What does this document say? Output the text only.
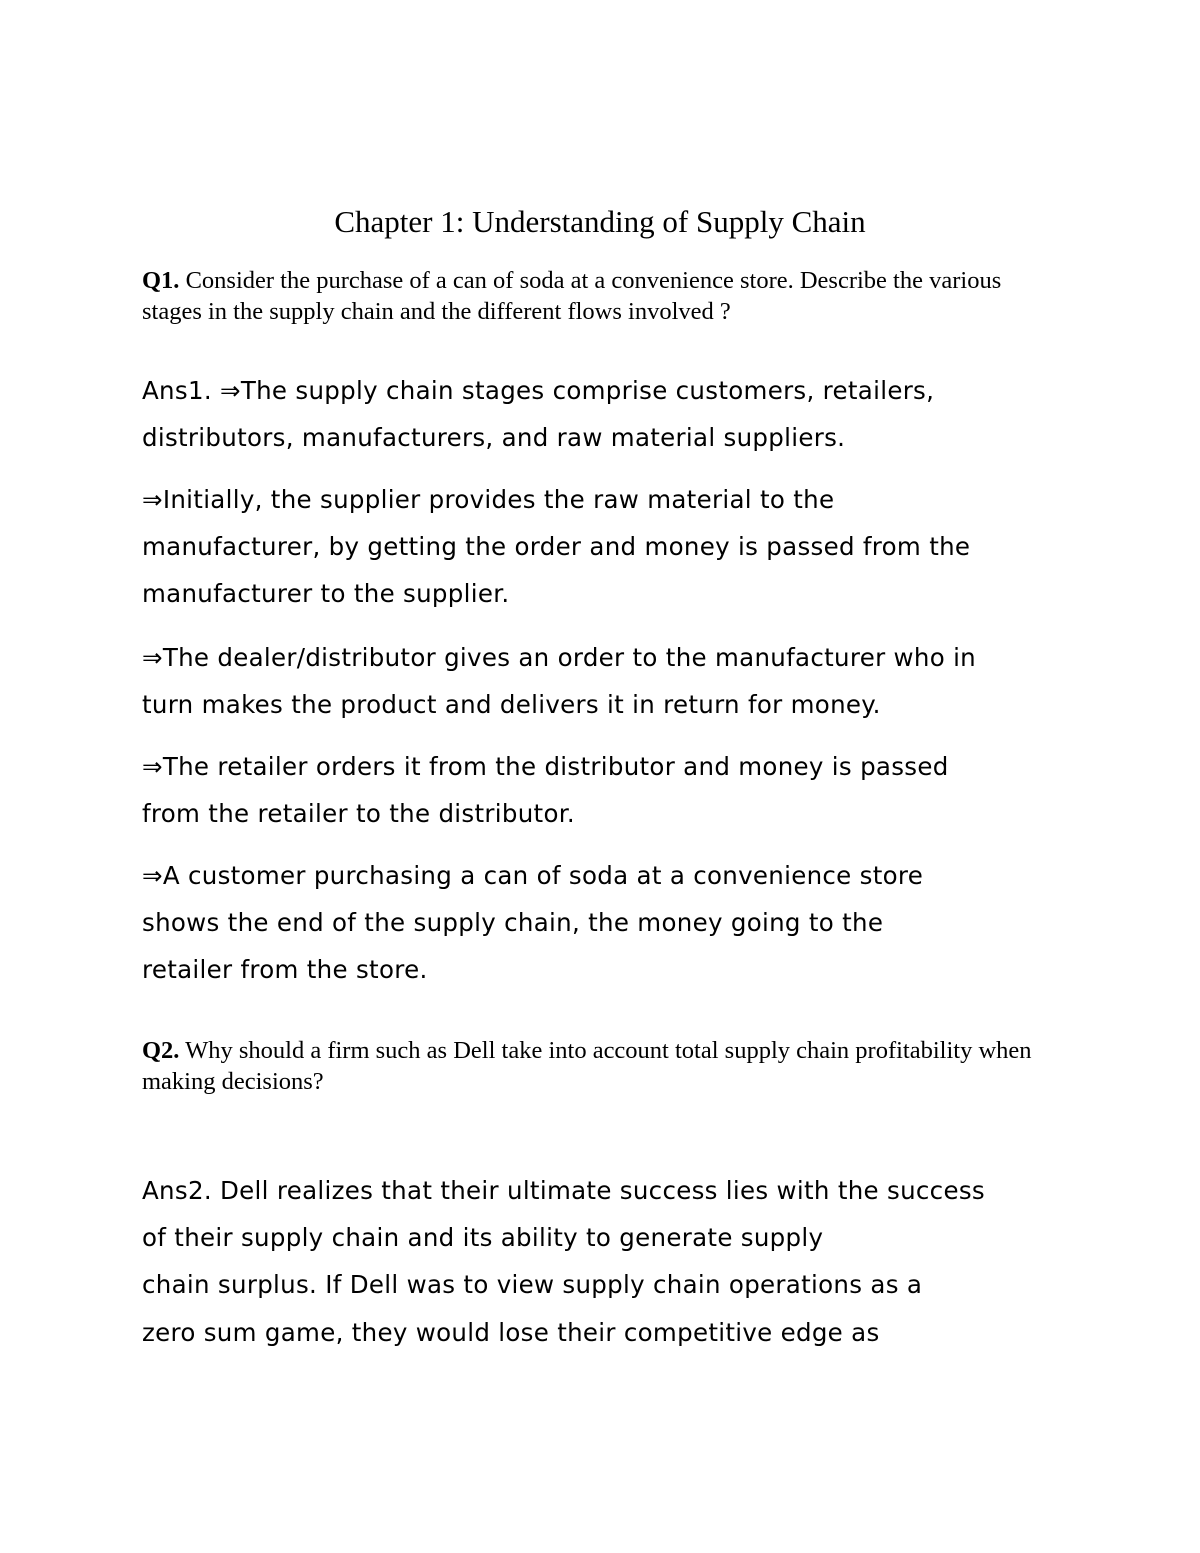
Chapter 1: Understanding of Supply Chain
Q1. Consider the purchase of a can of soda at a convenience store. Describe the various stages in the supply chain and the different flows involved ?
Ans1. ⇒The supply chain stages comprise customers, retailers,
distributors, manufacturers, and raw material suppliers.
⇒Initially, the supplier provides the raw material to the
manufacturer, by getting the order and money is passed from the
manufacturer to the supplier.
⇒The dealer/distributor gives an order to the manufacturer who in
turn makes the product and delivers it in return for money.
⇒The retailer orders it from the distributor and money is passed
from the retailer to the distributor.
⇒A customer purchasing a can of soda at a convenience store
shows the end of the supply chain, the money going to the
retailer from the store.
Q2. Why should a firm such as Dell take into account total supply chain profitability when making decisions?
Ans2. Dell realizes that their ultimate success lies with the success
of their supply chain and its ability to generate supply
chain surplus. If Dell was to view supply chain operations as a
zero sum game, they would lose their competitive edge as
